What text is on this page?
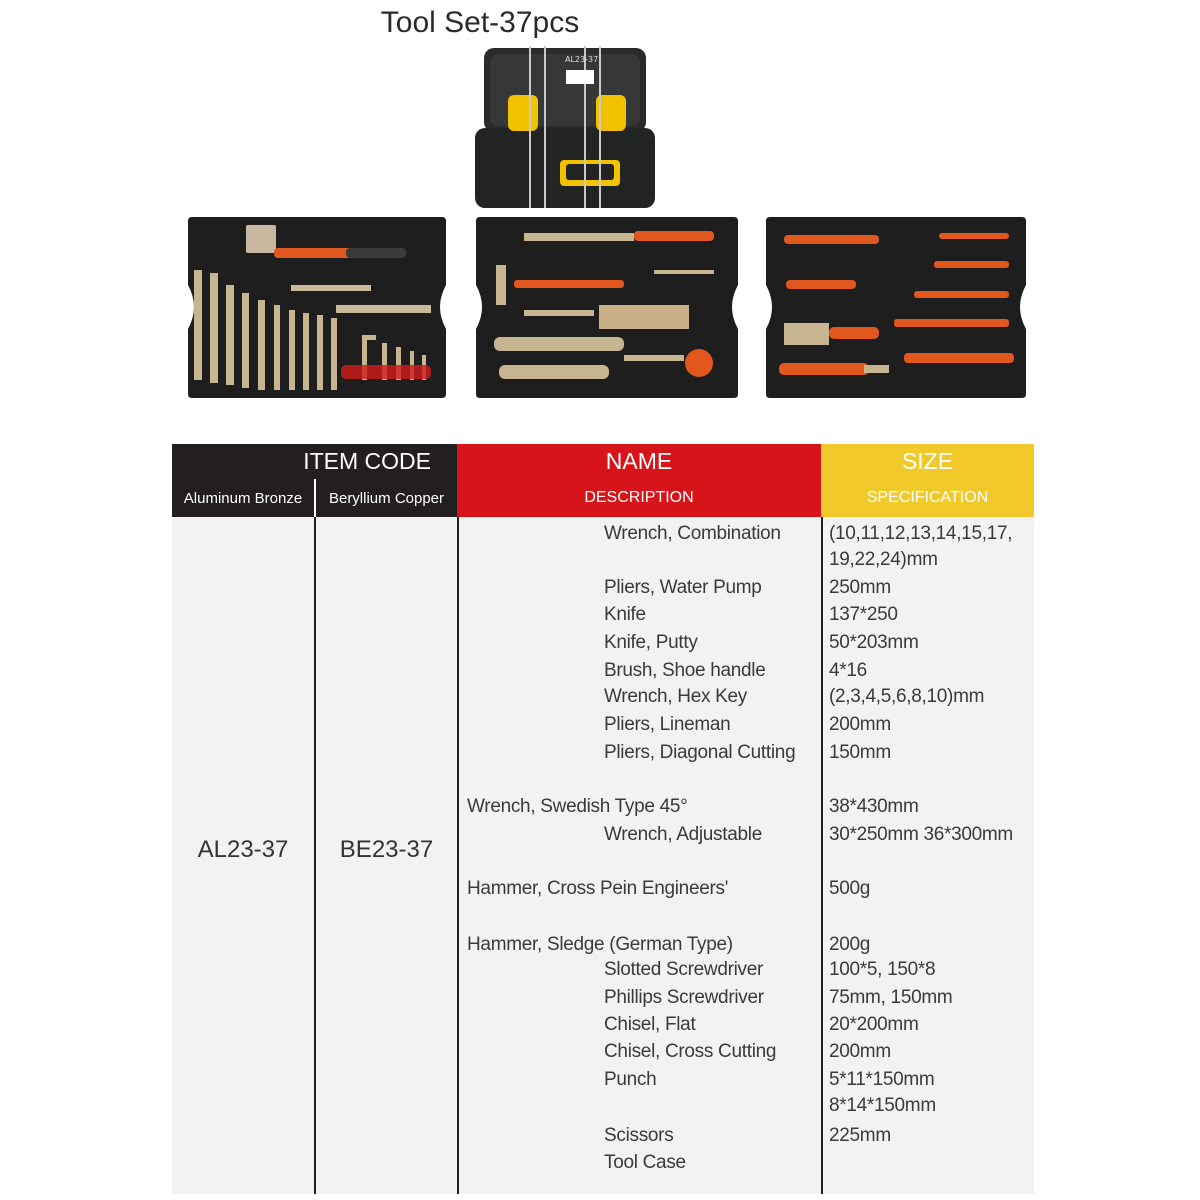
Tool Set-37pcs
AL23-37
ITEM CODE	NAME	SIZE
Aluminum Bronze	Beryllium Copper	DESCRIPTION	SPECIFICATION
AL23-37	BE23-37
Wrench, Combination	(10,11,12,13,14,15,17,
19,22,24)mm
Pliers, Water Pump	250mm
Knife	137*250
Knife, Putty	50*203mm
Brush, Shoe handle	4*16
Wrench, Hex Key	(2,3,4,5,6,8,10)mm
Pliers, Lineman	200mm
Pliers, Diagonal Cutting 150mm
Wrench, Swedish Type 45°	38*430mm
Wrench, Adjustable	30*250mm 36*300mm
Hammer, Cross Pein Engineers'	500g
Hammer, Sledge (German Type)	200g
Slotted Screwdriver	100*5, 150*8
Phillips Screwdriver	75mm, 150mm
Chisel, Flat	20*200mm
Chisel, Cross Cutting	200mm
Punch	5*11*150mm
8*14*150mm
Scissors	225mm
Tool Case
